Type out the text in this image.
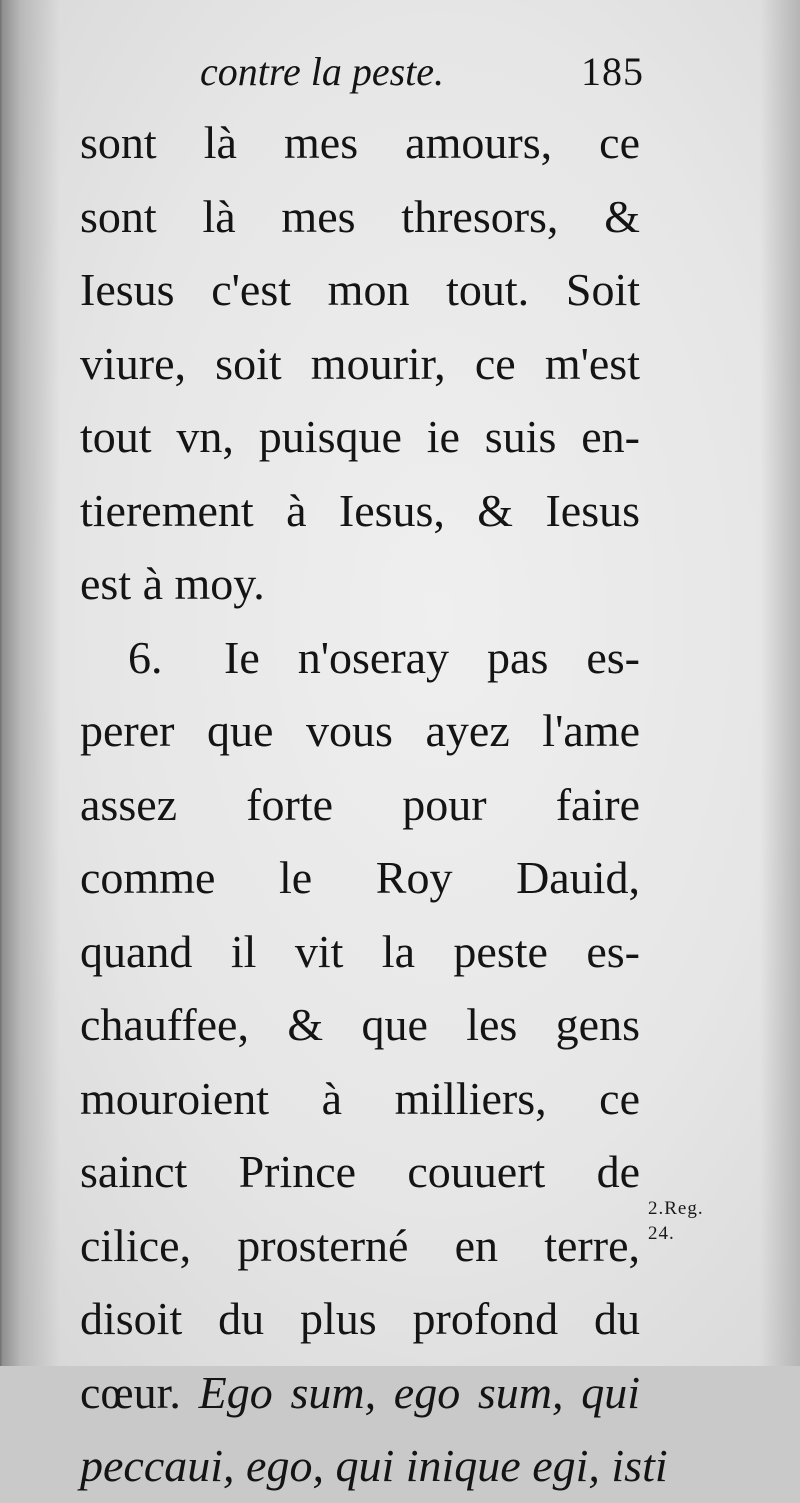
contre la peste.	185
sont là mes amours, ce
sont là mes thresors, &
Iesus c'est mon tout. Soit
viure, soit mourir, ce m'est
tout vn, puisque ie suis en-
tierement à Iesus, & Iesus
est à moy.
6. Ie n'oseray pas es-
perer que vous ayez l'ame
assez forte pour faire
comme le Roy Dauid,
quand il vit la peste es-
chauffee, & que les gens
mouroient à milliers, ce
sainct Prince couuert de
cilice, prosterné en terre,
disoit du plus profond du
cœur. Ego sum, ego sum, qui
peccaui, ego, qui inique egi, isti
2.Reg.
24.
